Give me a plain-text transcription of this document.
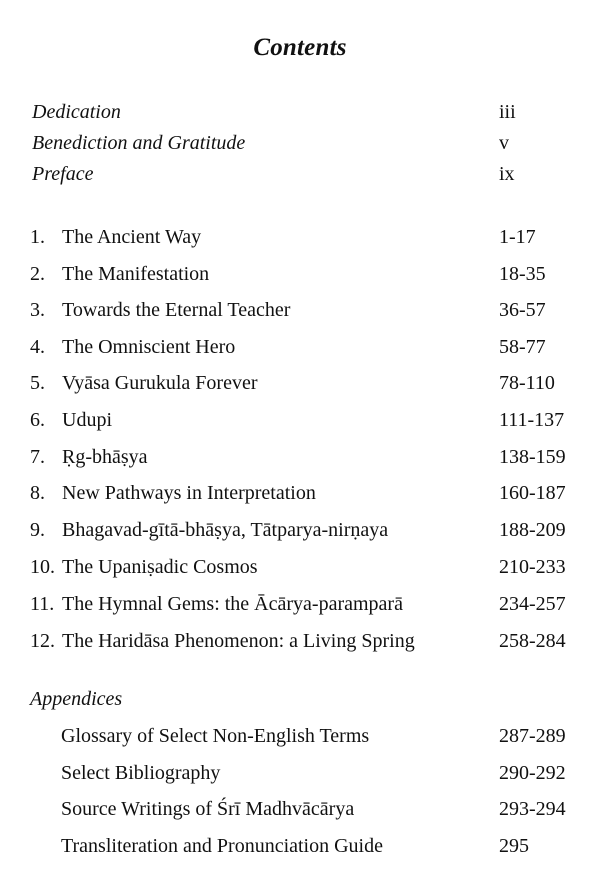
Contents
Dedication	iii
Benediction and Gratitude	v
Preface	ix
1. The Ancient Way	1-17
2. The Manifestation	18-35
3. Towards the Eternal Teacher	36-57
4. The Omniscient Hero	58-77
5. Vyāsa Gurukula Forever	78-110
6. Udupi	111-137
7. Ṛg-bhāṣya	138-159
8. New Pathways in Interpretation	160-187
9. Bhagavad-gītā-bhāṣya, Tātparya-nirṇaya	188-209
10. The Upaniṣadic Cosmos	210-233
11. The Hymnal Gems: the Ācārya-paramparā	234-257
12. The Haridāsa Phenomenon: a Living Spring	258-284
Appendices
Glossary of Select Non-English Terms	287-289
Select Bibliography	290-292
Source Writings of Śrī Madhvācārya	293-294
Transliteration and Pronunciation Guide	295
